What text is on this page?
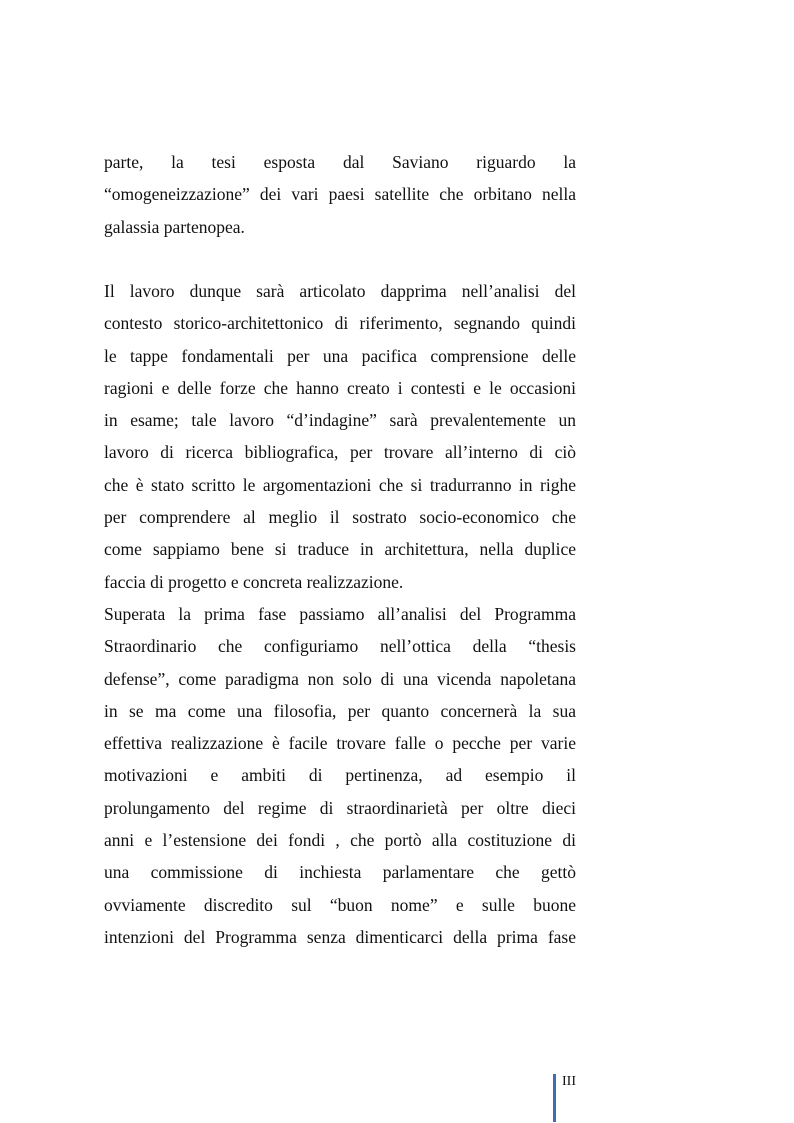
parte, la tesi esposta dal Saviano riguardo la
“omogeneizzazione” dei vari paesi satellite che orbitano nella
galassia partenopea.
Il lavoro dunque sarà articolato dapprima nell’analisi del
contesto storico-architettonico di riferimento, segnando quindi
le tappe fondamentali per una pacifica comprensione delle
ragioni e delle forze che hanno creato i contesti e le occasioni
in esame; tale lavoro “d’indagine” sarà prevalentemente un
lavoro di ricerca bibliografica, per trovare all’interno di ciò
che è stato scritto le argomentazioni che si tradurranno in righe
per comprendere al meglio il sostrato socio-economico che
come sappiamo bene si traduce in architettura, nella duplice
faccia di progetto e concreta realizzazione.
Superata la prima fase passiamo all’analisi del Programma
Straordinario che configuriamo nell’ottica della “thesis
defense”, come paradigma non solo di una vicenda napoletana
in se ma come una filosofia, per quanto concernerà la sua
effettiva realizzazione è facile trovare falle o pecche per varie
motivazioni e ambiti di pertinenza, ad esempio il
prolungamento del regime di straordinarietà per oltre dieci
anni e l’estensione dei fondi , che portò alla costituzione di
una commissione di inchiesta parlamentare che gettò
ovviamente discredito sul “buon nome” e sulle buone
intenzioni del Programma senza dimenticarci della prima fase
III
